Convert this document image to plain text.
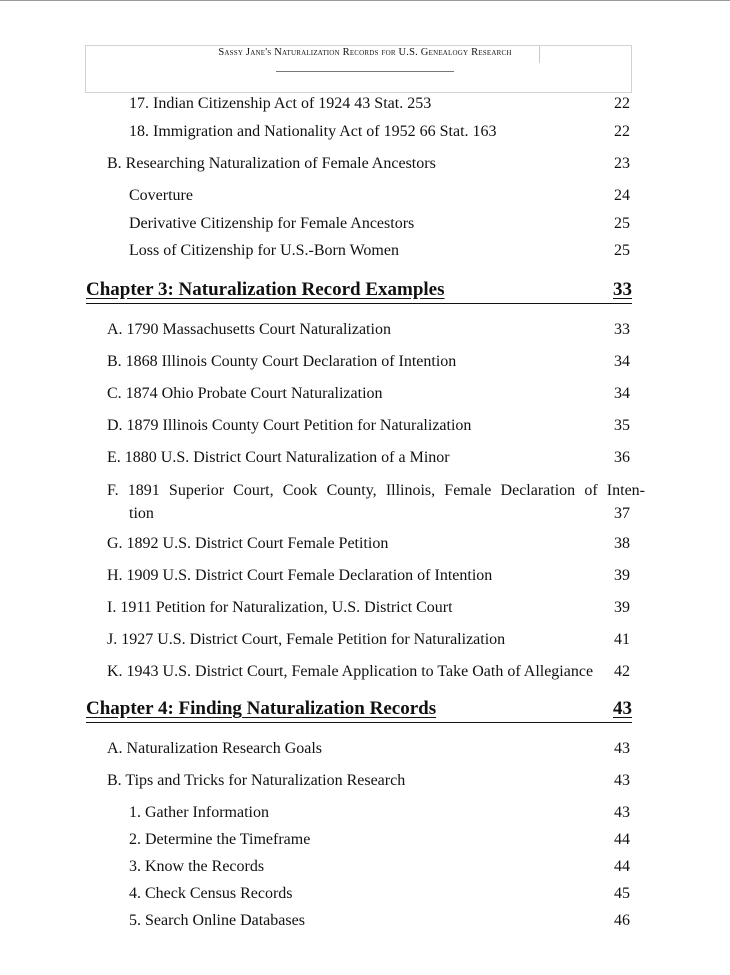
Sassy Jane's Naturalization Records for U.S. Genealogy Research
17. Indian Citizenship Act of 1924 43 Stat. 253	22
18. Immigration and Nationality Act of 1952 66 Stat. 163	22
B. Researching Naturalization of Female Ancestors	23
Coverture	24
Derivative Citizenship for Female Ancestors	25
Loss of Citizenship for U.S.-Born Women	25
Chapter 3: Naturalization Record Examples	33
A. 1790 Massachusetts Court Naturalization	33
B. 1868 Illinois County Court Declaration of Intention	34
C. 1874 Ohio Probate Court Naturalization	34
D. 1879 Illinois County Court Petition for Naturalization	35
E. 1880 U.S. District Court Naturalization of a Minor	36
F. 1891 Superior Court, Cook County, Illinois, Female Declaration of Inten-
tion	37
G. 1892 U.S. District Court Female Petition	38
H. 1909 U.S. District Court Female Declaration of Intention	39
I. 1911 Petition for Naturalization, U.S. District Court	39
J. 1927 U.S. District Court, Female Petition for Naturalization	41
K. 1943 U.S. District Court, Female Application to Take Oath of Allegiance 42
Chapter 4: Finding Naturalization Records	43
A. Naturalization Research Goals	43
B. Tips and Tricks for Naturalization Research	43
1. Gather Information	43
2. Determine the Timeframe	44
3. Know the Records	44
4. Check Census Records	45
5. Search Online Databases	46
